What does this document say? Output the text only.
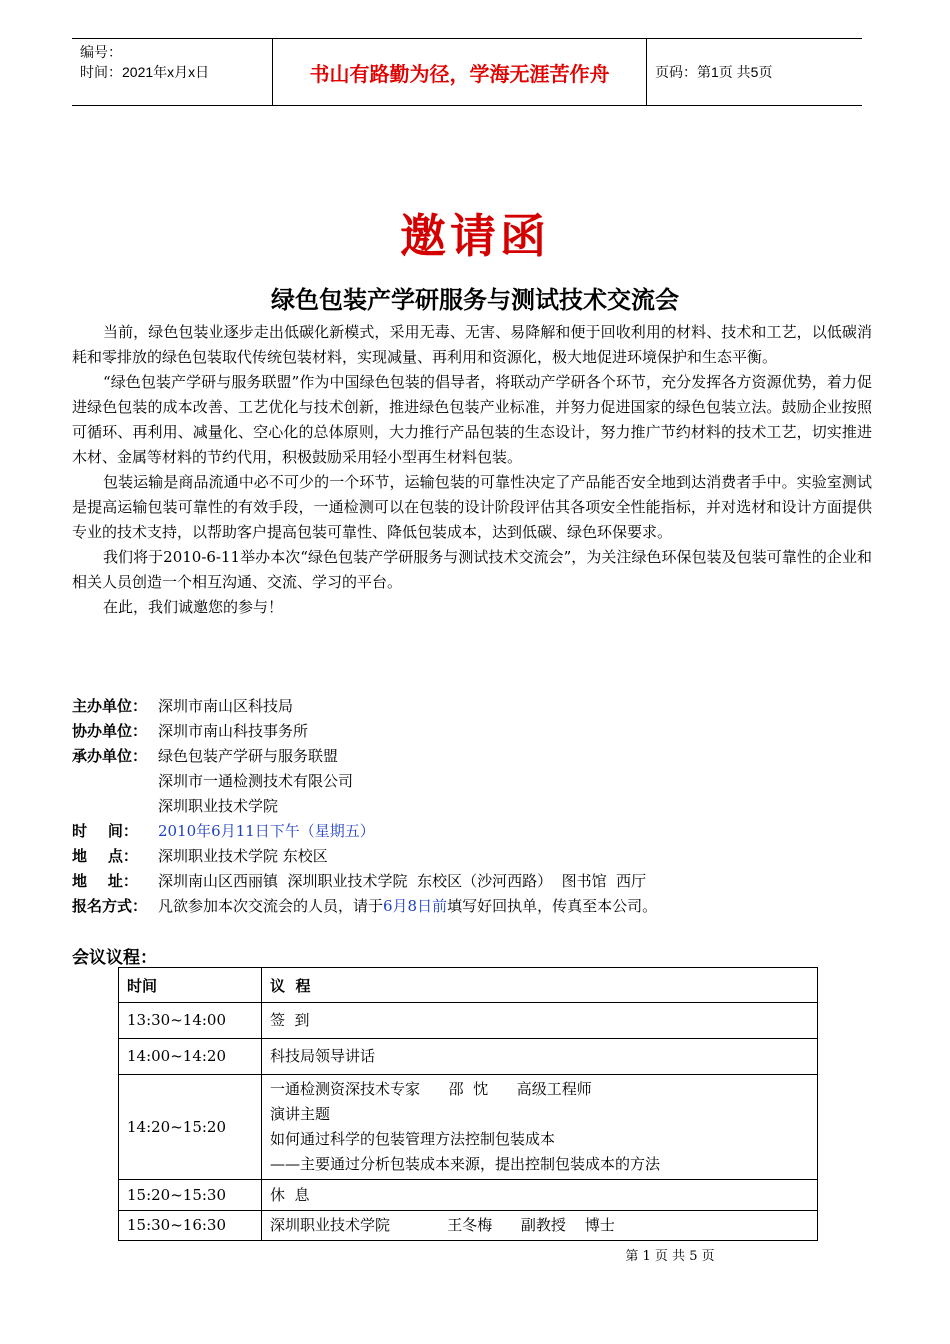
编号：
时间：2021年x月x日	书山有路勤为径，学海无涯苦作舟	页码：第1页 共5页
邀请函
绿色包装产学研服务与测试技术交流会

当前，绿色包装业逐步走出低碳化新模式，采用无毒、无害、易降解和便于回收利用的材料、技术和工艺，以低碳消耗和零排放的绿色包装取代传统包装材料，实现减量、再利用和资源化，极大地促进环境保护和生态平衡。

“绿色包装产学研与服务联盟”作为中国绿色包装的倡导者，将联动产学研各个环节，充分发挥各方资源优势，着力促进绿色包装的成本改善、工艺优化与技术创新，推进绿色包装产业标准，并努力促进国家的绿色包装立法。鼓励企业按照可循环、再利用、减量化、空心化的总体原则，大力推行产品包装的生态设计，努力推广节约材料的技术工艺，切实推进木材、金属等材料的节约代用，积极鼓励采用轻小型再生材料包装。

包装运输是商品流通中必不可少的一个环节，运输包装的可靠性决定了产品能否安全地到达消费者手中。实验室测试是提高运输包装可靠性的有效手段，一通检测可以在包装的设计阶段评估其各项安全性能指标，并对选材和设计方面提供专业的技术支持，以帮助客户提高包装可靠性、降低包装成本，达到低碳、绿色环保要求。

我们将于2010-6-11举办本次“绿色包装产学研服务与测试技术交流会”，为关注绿色环保包装及包装可靠性的企业和相关人员创造一个相互沟通、交流、学习的平台。

在此，我们诚邀您的参与！

主办单位： 深圳市南山区科技局
协办单位： 深圳市南山科技事务所
承办单位： 绿色包装产学研与服务联盟
深圳市一通检测技术有限公司
深圳职业技术学院
时    间：	2010年6月11日下午（星期五）
地    点：	深圳职业技术学院 东校区
地    址：	深圳南山区西丽镇  深圳职业技术学院  东校区（沙河西路）  图书馆  西厅
报名方式： 凡欲参加本次交流会的人员，请于6月8日前填写好回执单，传真至本公司。
会议议程：
时间	议  程
13:30~14:00	签  到
14:00~14:20	科技局领导讲话
14:20~15:20	一通检测资深技术专家      邵  忱      高级工程师
演讲主题
如何通过科学的包装管理方法控制包装成本
——主要通过分析包装成本来源，提出控制包装成本的方法

15:20~15:30	休  息
15:30~16:30	深圳职业技术学院            王冬梅      副教授    博士
第 1 页 共 5 页
